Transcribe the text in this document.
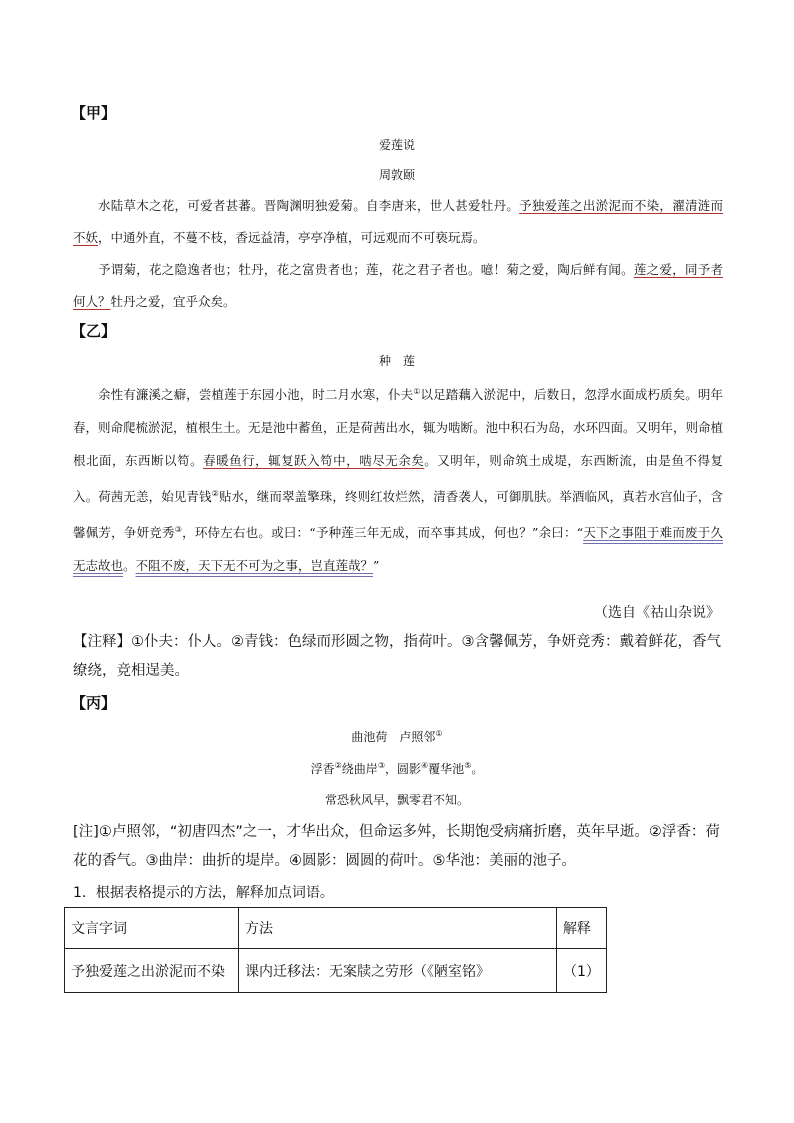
【甲】
爱莲说
周敦颐
水陆草木之花，可爱者甚蕃。晋陶渊明独爱菊。自李唐来，世人甚爱牡丹。予独爱莲之出淤泥而不染，濯清涟而不妖，中通外直，不蔓不枝，香远益清，亭亭净植，可远观而不可亵玩焉。
予谓菊，花之隐逸者也；牡丹，花之富贵者也；莲，花之君子者也。噫！菊之爱，陶后鲜有闻。莲之爱，同予者何人？牡丹之爱，宜乎众矣。
【乙】
种　莲
余性有濂溪之癖，尝植莲于东园小池，时二月水寒，仆夫①以足踏藕入淤泥中，后数日，忽浮水面成朽质矣。明年春，则命爬梳淤泥，植根生土。无是池中蓄鱼，正是荷茜出水，辄为啮断。池中积石为岛，水环四面。又明年，则命植根北面，东西断以笱。春暖鱼行，辄复跃入笱中，啮尽无余矣。又明年，则命筑土成堤，东西断流，由是鱼不得复入。荷茜无恙，始见青钱②贴水，继而翠盖擎珠，终则红妆烂然，清香袭人，可御肌肤。举酒临风，真若水宫仙子，含馨佩芳，争妍竞秀③，环侍左右也。或曰：“予种莲三年无成，而卒事其成，何也？”余曰：“天下之事阻于难而废于久无志故也。不阻不废，天下无不可为之事，岂直莲哉？”
（选自《祜山杂说》
【注释】①仆夫：仆人。②青钱：色绿而形圆之物，指荷叶。③含馨佩芳，争妍竞秀：戴着鲜花，香气缭绕，竞相逞美。
【丙】
曲池荷　卢照邻①
浮香②绕曲岸③，圆影④覆华池⑤。
常恐秋风早，飘零君不知。
[注]①卢照邻，“初唐四杰”之一，才华出众，但命运多舛，长期饱受病痛折磨，英年早逝。②浮香：荷花的香气。③曲岸：曲折的堤岸。④圆影：圆圆的荷叶。⑤华池：美丽的池子。
1．根据表格提示的方法，解释加点词语。
文言字词	方法	解释
予独爱莲之出淤泥而不染	课内迁移法：无案牍之劳形（《陋室铭》	（1）
